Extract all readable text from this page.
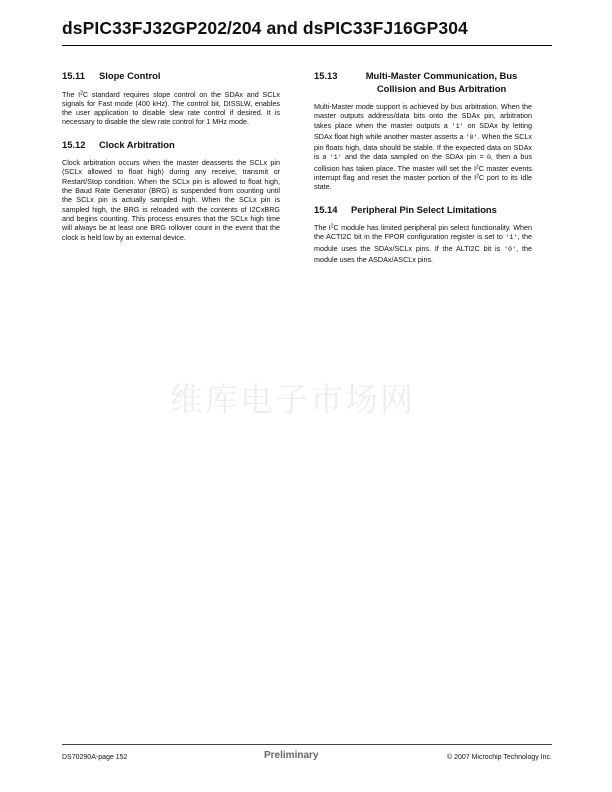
dsPIC33FJ32GP202/204 and dsPIC33FJ16GP304
15.11	Slope Control

The $I^2C$ standard requires slope control on the SDAx and SCLx signals for Fast mode (400 kHz). The control bit, DISSLW, enables the user application to disable slew rate control if desired. It is necessary to disable the slew rate control for 1 MHz mode.

15.12	Clock Arbitration

Clock arbitration occurs when the master deasserts the SCLx pin (SCLx allowed to float high) during any receive, transmit or Restart/Stop condition. When the SCLx pin is allowed to float high, the Baud Rate Generator (BRG) is suspended from counting until the SCLx pin is actually sampled high. When the SCLx pin is sampled high, the BRG is reloaded with the contents of I2CxBRG and begins counting. This process ensures that the SCLx high time will always be at least one BRG rollover count in the event that the clock is held low by an external device.

15.13	Multi-Master Communication, Bus Collision and Bus Arbitration

Multi-Master mode support is achieved by bus arbitration. When the master outputs address/data bits onto the SDAx pin, arbitration takes place when the master outputs a '1' on SDAx by letting SDAx float high while another master asserts a '0'. When the SCLx pin floats high, data should be stable. If the expected data on SDAx is a '1' and the data sampled on the SDAx pin = 0, then a bus collision has taken place. The master will set the $I^2C$ master events interrupt flag and reset the master portion of the $I^2C$ port to its Idle state.

15.14	Peripheral Pin Select Limitations

The $I^2C$ module has limited peripheral pin select functionality. When the ACTI2C bit in the FPOR configuration register is set to '1', the module uses the SDAx/SCLx pins. If the ALTI2C bit is '0', the module uses the ASDAx/ASCLx pins.

维库电子市场网
DS70290A-page 152	Preliminary	© 2007 Microchip Technology Inc.
